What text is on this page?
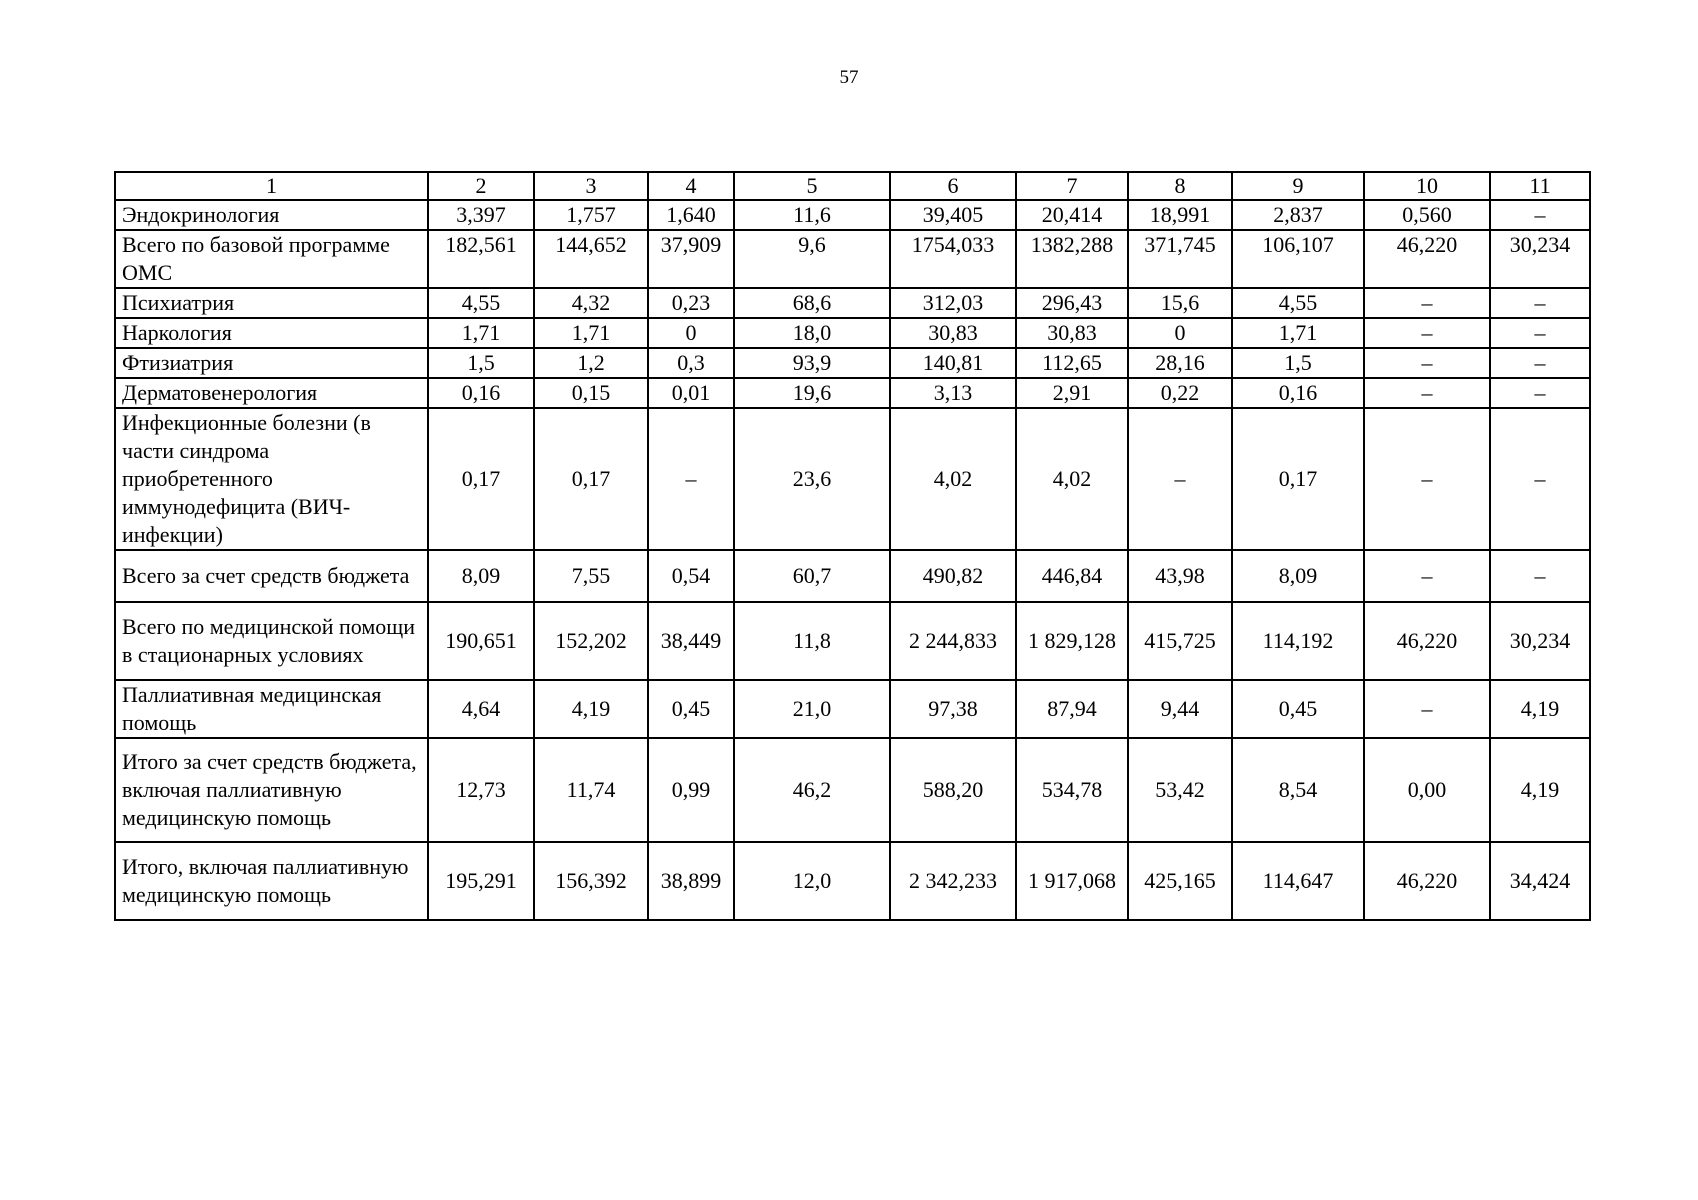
57
1	2	3	4	5	6	7	8	9	10	11
Эндокринология	3,397	1,757	1,640	11,6	39,405	20,414	18,991	2,837	0,560	–
Всего по базовой программе ОМС	182,561	144,652	37,909	9,6	1754,033	1382,288	371,745	106,107	46,220	30,234
Психиатрия	4,55	4,32	0,23	68,6	312,03	296,43	15,6	4,55	–	–
Наркология	1,71	1,71	0	18,0	30,83	30,83	0	1,71	–	–
Фтизиатрия	1,5	1,2	0,3	93,9	140,81	112,65	28,16	1,5	–	–
Дерматовенерология	0,16	0,15	0,01	19,6	3,13	2,91	0,22	0,16	–	–
Инфекционные болезни (в части синдрома приобретенного иммунодефицита (ВИЧ-инфекции)	0,17	0,17	–	23,6	4,02	4,02	–	0,17	–	–
Всего за счет средств бюджета	8,09	7,55	0,54	60,7	490,82	446,84	43,98	8,09	–	–
Всего по медицинской помощи в стационарных условиях	190,651	152,202	38,449	11,8	2 244,833	1 829,128	415,725	114,192	46,220	30,234
Паллиативная медицинская помощь	4,64	4,19	0,45	21,0	97,38	87,94	9,44	0,45	–	4,19
Итого за счет средств бюджета, включая паллиативную медицинскую помощь	12,73	11,74	0,99	46,2	588,20	534,78	53,42	8,54	0,00	4,19
Итого, включая паллиативную медицинскую помощь	195,291	156,392	38,899	12,0	2 342,233	1 917,068	425,165	114,647	46,220	34,424
